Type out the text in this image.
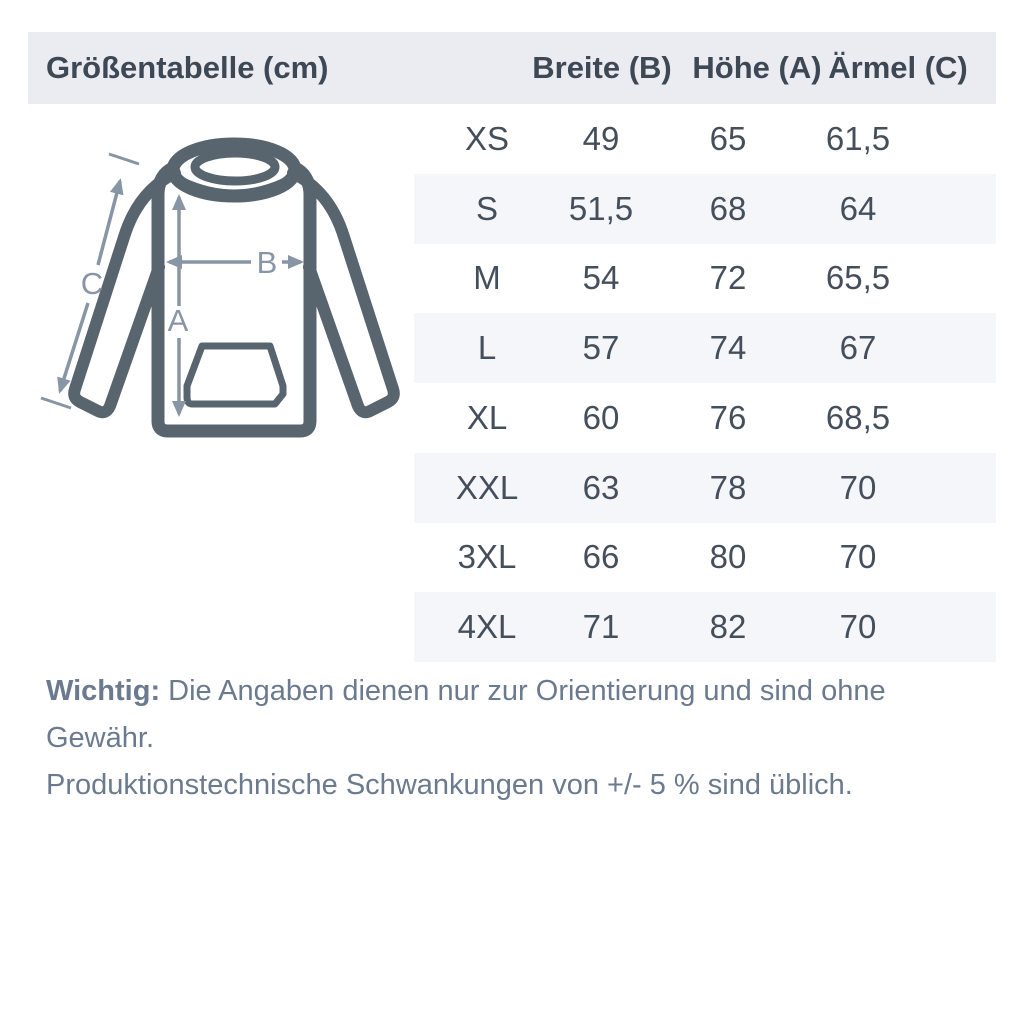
Größentabelle (cm)	Breite (B) Höhe (A) Ärmel (C)
A
B
C
XS 49	65 61,5
S 51,5 68	64
M 54	72 65,5
L	57	74	67
XL 60	76 68,5
XXL 63	78	70
3XL 66	80	70
4XL 71	82	70
Wichtig: Die Angaben dienen nur zur Orientierung und sind ohne Gewähr.
Produktionstechnische Schwankungen von +/- 5 % sind üblich.
